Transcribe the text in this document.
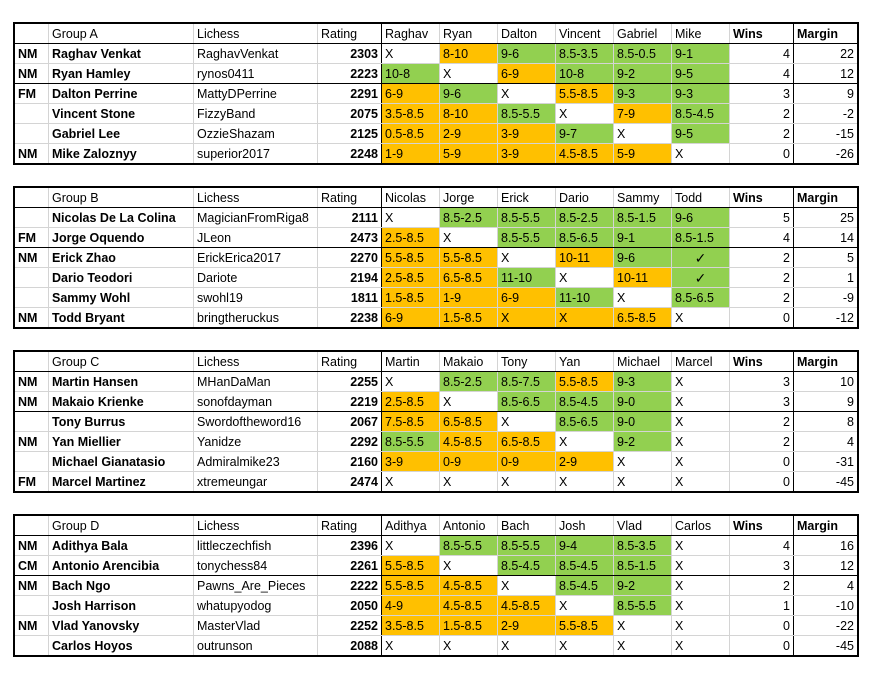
	Group A	Lichess	Rating	Raghav	Ryan	Dalton	Vincent	Gabriel	Mike	Wins	Margin
NM	Raghav Venkat	RaghavVenkat	2303	X	8-10	9-6	8.5-3.5	8.5-0.5	9-1	4	22
NM	Ryan Hamley	rynos0411	2223	10-8	X	6-9	10-8	9-2	9-5	4	12
FM	Dalton Perrine	MattyDPerrine	2291	6-9	9-6	X	5.5-8.5	9-3	9-3	3	9
	Vincent Stone	FizzyBand	2075	3.5-8.5	8-10	8.5-5.5	X	7-9	8.5-4.5	2	-2
	Gabriel Lee	OzzieShazam	2125	0.5-8.5	2-9	3-9	9-7	X	9-5	2	-15
NM	Mike Zaloznyy	superior2017	2248	1-9	5-9	3-9	4.5-8.5	5-9	X	0	-26
	Group B	Lichess	Rating	Nicolas	Jorge	Erick	Dario	Sammy	Todd	Wins	Margin
	Nicolas De La Colina	MagicianFromRiga8	2111	X	8.5-2.5	8.5-5.5	8.5-2.5	8.5-1.5	9-6	5	25
FM	Jorge Oquendo	JLeon	2473	2.5-8.5	X	8.5-5.5	8.5-6.5	9-1	8.5-1.5	4	14
NM	Erick Zhao	ErickErica2017	2270	5.5-8.5	5.5-8.5	X	10-11	9-6	✓	2	5
	Dario Teodori	Dariote	2194	2.5-8.5	6.5-8.5	11-10	X	10-11	✓	2	1
	Sammy Wohl	swohl19	1811	1.5-8.5	1-9	6-9	11-10	X	8.5-6.5	2	-9
NM	Todd Bryant	bringtheruckus	2238	6-9	1.5-8.5	X	X	6.5-8.5	X	0	-12
	Group C	Lichess	Rating	Martin	Makaio	Tony	Yan	Michael	Marcel	Wins	Margin
NM	Martin Hansen	MHanDaMan	2255	X	8.5-2.5	8.5-7.5	5.5-8.5	9-3	X	3	10
NM	Makaio Krienke	sonofdayman	2219	2.5-8.5	X	8.5-6.5	8.5-4.5	9-0	X	3	9
	Tony Burrus	Swordoftheword16	2067	7.5-8.5	6.5-8.5	X	8.5-6.5	9-0	X	2	8
NM	Yan Miellier	Yanidze	2292	8.5-5.5	4.5-8.5	6.5-8.5	X	9-2	X	2	4
	Michael Gianatasio	Admiralmike23	2160	3-9	0-9	0-9	2-9	X	X	0	-31
FM	Marcel Martinez	xtremeungar	2474	X	X	X	X	X	X	0	-45
	Group D	Lichess	Rating	Adithya	Antonio	Bach	Josh	Vlad	Carlos	Wins	Margin
NM	Adithya Bala	littleczechfish	2396	X	8.5-5.5	8.5-5.5	9-4	8.5-3.5	X	4	16
CM	Antonio Arencibia	tonychess84	2261	5.5-8.5	X	8.5-4.5	8.5-4.5	8.5-1.5	X	3	12
NM	Bach Ngo	Pawns_Are_Pieces	2222	5.5-8.5	4.5-8.5	X	8.5-4.5	9-2	X	2	4
	Josh Harrison	whatupyodog	2050	4-9	4.5-8.5	4.5-8.5	X	8.5-5.5	X	1	-10
NM	Vlad Yanovsky	MasterVlad	2252	3.5-8.5	1.5-8.5	2-9	5.5-8.5	X	X	0	-22
	Carlos Hoyos	outrunson	2088	X	X	X	X	X	X	0	-45
